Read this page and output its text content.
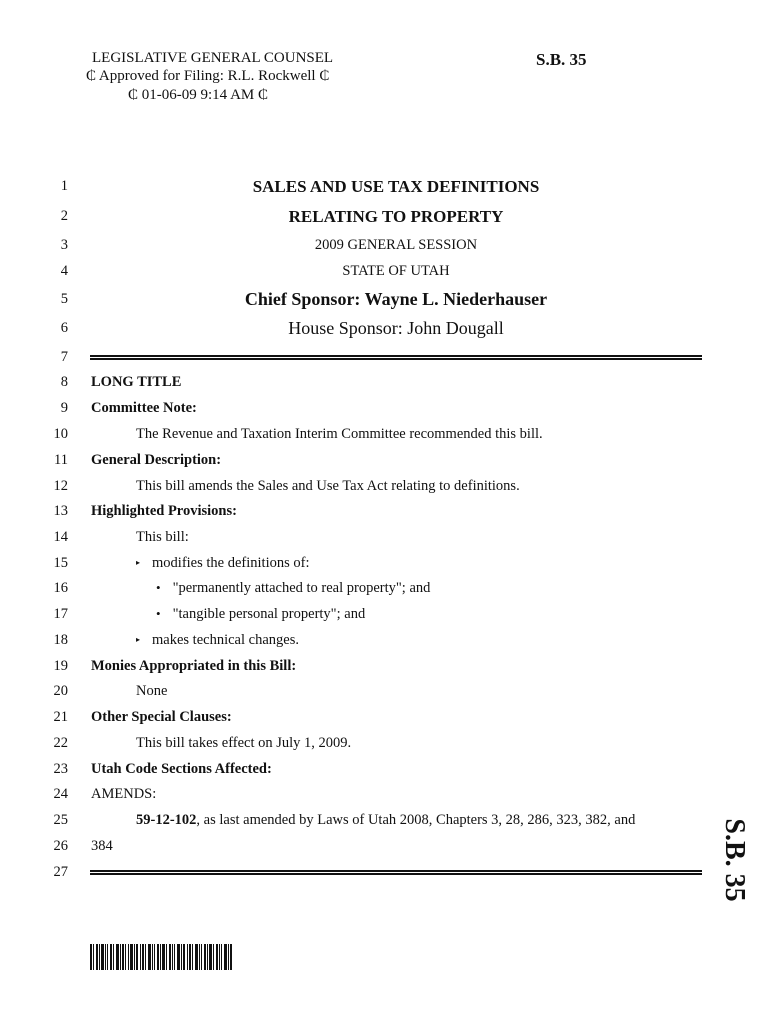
LEGISLATIVE GENERAL COUNSEL
₵ Approved for Filing: R.L. Rockwell ₵
₵ 01-06-09 9:14 AM ₵
S.B. 35
1
2
3
4
5
6
7
8
9
10
11
12
13
14
15
16
17
18
19
20
21
22
23
24
25
26
27
SALES AND USE TAX DEFINITIONS
RELATING TO PROPERTY
2009 GENERAL SESSION
STATE OF UTAH
Chief Sponsor: Wayne L. Niederhauser
House Sponsor: John Dougall
LONG TITLE
Committee Note:
The Revenue and Taxation Interim Committee recommended this bill.
General Description:
This bill amends the Sales and Use Tax Act relating to definitions.
Highlighted Provisions:
This bill:
▸ modifies the definitions of:
• "permanently attached to real property"; and
• "tangible personal property"; and
▸ makes technical changes.
Monies Appropriated in this Bill:
None
Other Special Clauses:
This bill takes effect on July 1, 2009.
Utah Code Sections Affected:
AMENDS:
59-12-102, as last amended by Laws of Utah 2008, Chapters 3, 28, 286, 323, 382, and
384	S.B. 35
